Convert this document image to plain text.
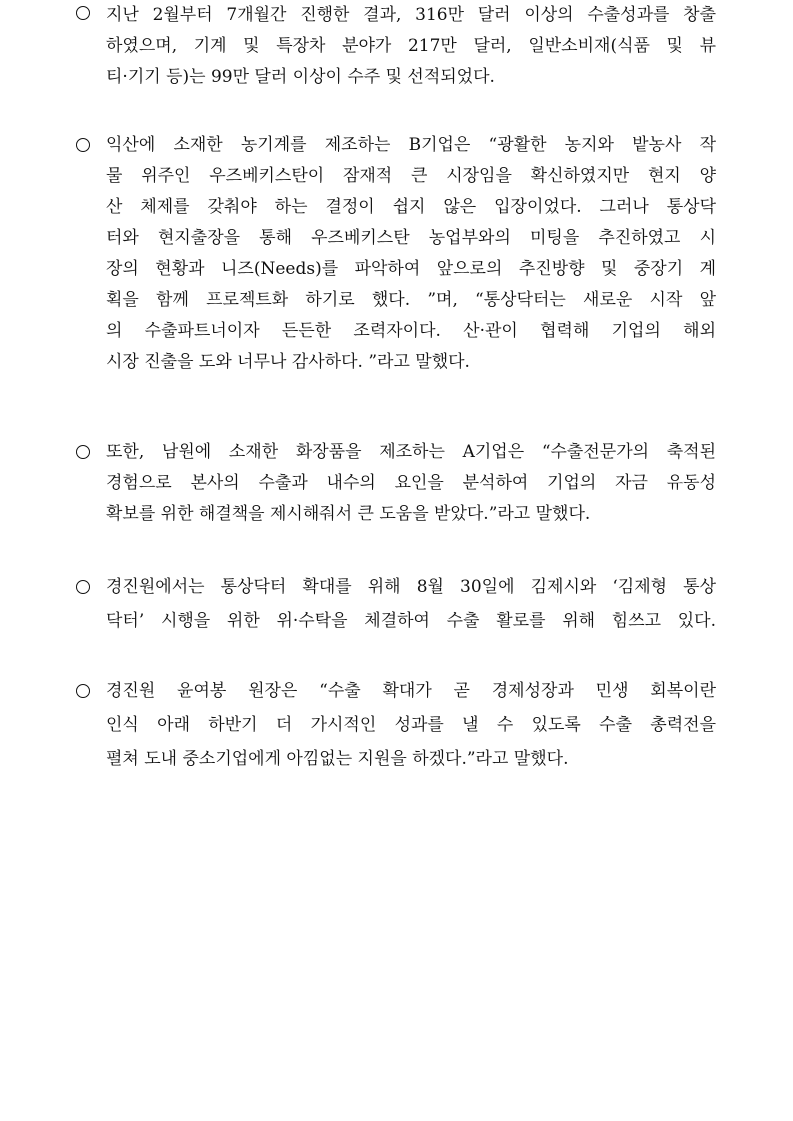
지난 2월부터 7개월간 진행한 결과, 316만 달러 이상의 수출성과를 창출
하였으며, 기계 및 특장차 분야가 217만 달러, 일반소비재(식품 및 뷰
티·기기 등)는 99만 달러 이상이 수주 및 선적되었다.
익산에 소재한 농기계를 제조하는 B기업은 “광활한 농지와 밭농사 작
물 위주인 우즈베키스탄이 잠재적 큰 시장임을 확신하였지만 현지 양
산 체제를 갖춰야 하는 결정이 쉽지 않은 입장이었다. 그러나 통상닥
터와 현지출장을 통해 우즈베키스탄 농업부와의 미팅을 추진하였고 시
장의 현황과 니즈(Needs)를 파악하여 앞으로의 추진방향 및 중장기 계
획을 함께 프로젝트화 하기로 했다. ”며, “통상닥터는 새로운 시작 앞
의 수출파트너이자 든든한 조력자이다. 산·관이 협력해 기업의 해외
시장 진출을 도와 너무나 감사하다. ”라고 말했다.
또한, 남원에 소재한 화장품을 제조하는 A기업은 “수출전문가의 축적된
경험으로 본사의 수출과 내수의 요인을 분석하여 기업의 자금 유동성
확보를 위한 해결책을 제시해줘서 큰 도움을 받았다.”라고 말했다.
경진원에서는 통상닥터 확대를 위해 8월 30일에 김제시와 ‘김제형 통상
닥터’ 시행을 위한 위·수탁을 체결하여 수출 활로를 위해 힘쓰고 있다.
경진원 윤여봉 원장은 “수출 확대가 곧 경제성장과 민생 회복이란
인식 아래 하반기 더 가시적인 성과를 낼 수 있도록 수출 총력전을
펼쳐 도내 중소기업에게 아낌없는 지원을 하겠다.”라고 말했다.
